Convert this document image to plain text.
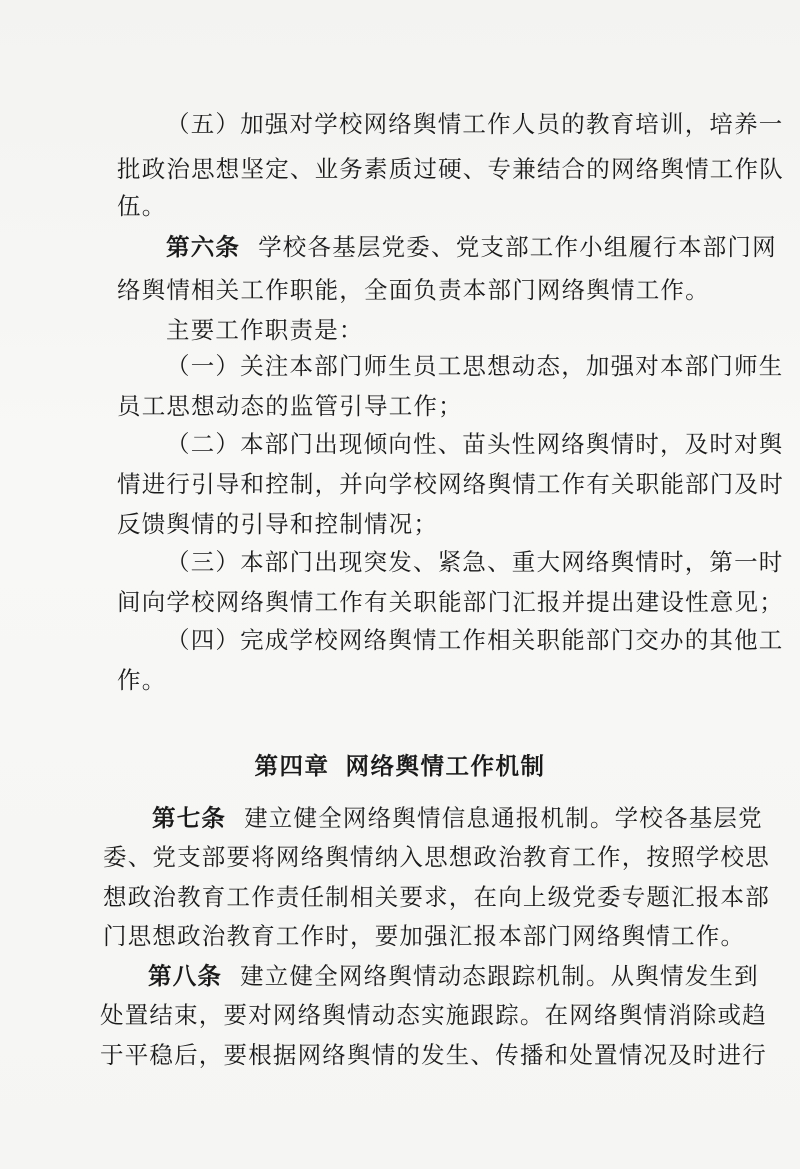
（五）加强对学校网络舆情工作人员的教育培训，培养一
批政治思想坚定、业务素质过硬、专兼结合的网络舆情工作队
伍。
第六条 学校各基层党委、党支部工作小组履行本部门网
络舆情相关工作职能，全面负责本部门网络舆情工作。
主要工作职责是：
（一）关注本部门师生员工思想动态，加强对本部门师生
员工思想动态的监管引导工作；
（二）本部门出现倾向性、苗头性网络舆情时，及时对舆
情进行引导和控制，并向学校网络舆情工作有关职能部门及时
反馈舆情的引导和控制情况；
（三）本部门出现突发、紧急、重大网络舆情时，第一时
间向学校网络舆情工作有关职能部门汇报并提出建设性意见；
（四）完成学校网络舆情工作相关职能部门交办的其他工
作。
第四章 网络舆情工作机制
第七条 建立健全网络舆情信息通报机制。学校各基层党
委、党支部要将网络舆情纳入思想政治教育工作，按照学校思
想政治教育工作责任制相关要求，在向上级党委专题汇报本部
门思想政治教育工作时，要加强汇报本部门网络舆情工作。
第八条 建立健全网络舆情动态跟踪机制。从舆情发生到
处置结束，要对网络舆情动态实施跟踪。在网络舆情消除或趋
于平稳后，要根据网络舆情的发生、传播和处置情况及时进行
